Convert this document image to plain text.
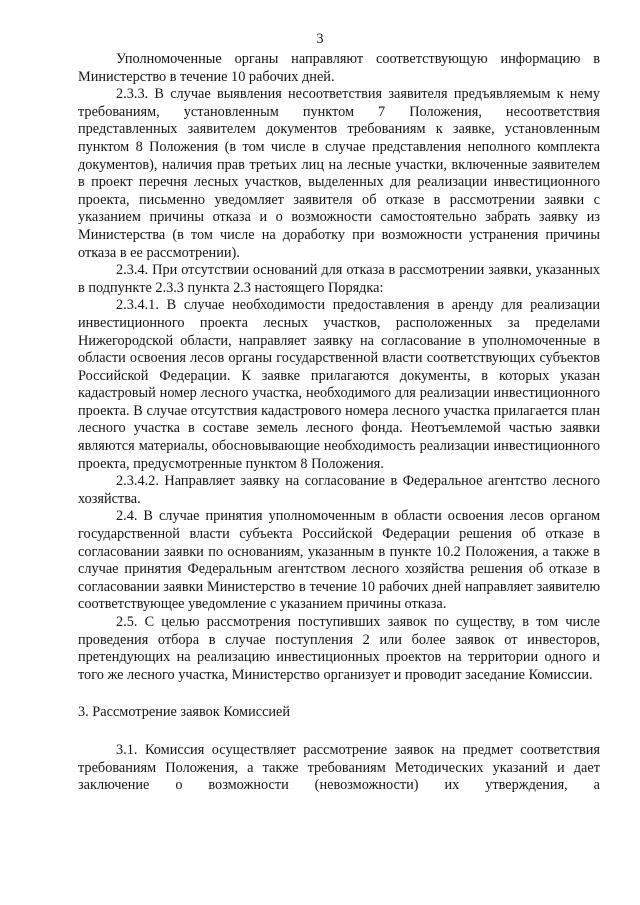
3

Уполномоченные органы направляют соответствующую информацию в Министерство в течение 10 рабочих дней.

2.3.3. В случае выявления несоответствия заявителя предъявляемым к нему требованиям, установленным пунктом 7 Положения, несоответствия представленных заявителем документов требованиям к заявке, установленным пунктом 8 Положения (в том числе в случае представления неполного комплекта документов), наличия прав третьих лиц на лесные участки, включенные заявителем в проект перечня лесных участков, выделенных для реализации инвестиционного проекта, письменно уведомляет заявителя об отказе в рассмотрении заявки с указанием причины отказа и о возможности самостоятельно забрать заявку из Министерства (в том числе на доработку при возможности устранения причины отказа в ее рассмотрении).

2.3.4. При отсутствии оснований для отказа в рассмотрении заявки, указанных в подпункте 2.3.3 пункта 2.3 настоящего Порядка:

2.3.4.1. В случае необходимости предоставления в аренду для реализации инвестиционного проекта лесных участков, расположенных за пределами Нижегородской области, направляет заявку на согласование в уполномоченные в области освоения лесов органы государственной власти соответствующих субъектов Российской Федерации. К заявке прилагаются документы, в которых указан кадастровый номер лесного участка, необходимого для реализации инвестиционного проекта. В случае отсутствия кадастрового номера лесного участка прилагается план лесного участка в составе земель лесного фонда. Неотъемлемой частью заявки являются материалы, обосновывающие необходимость реализации инвестиционного проекта, предусмотренные пунктом 8 Положения.

2.3.4.2. Направляет заявку на согласование в Федеральное агентство лесного хозяйства.

2.4. В случае принятия уполномоченным в области освоения лесов органом государственной власти субъекта Российской Федерации решения об отказе в согласовании заявки по основаниям, указанным в пункте 10.2 Положения, а также в случае принятия Федеральным агентством лесного хозяйства решения об отказе в согласовании заявки Министерство в течение 10 рабочих дней направляет заявителю соответствующее уведомление с указанием причины отказа.

2.5. С целью рассмотрения поступивших заявок по существу, в том числе проведения отбора в случае поступления 2 или более заявок от инвесторов, претендующих на реализацию инвестиционных проектов на территории одного и того же лесного участка, Министерство организует и проводит заседание Комиссии.

3. Рассмотрение заявок Комиссией

3.1. Комиссия осуществляет рассмотрение заявок на предмет соответствия требованиям Положения, а также требованиям Методических указаний и дает заключение о возможности (невозможности) их утверждения, а
